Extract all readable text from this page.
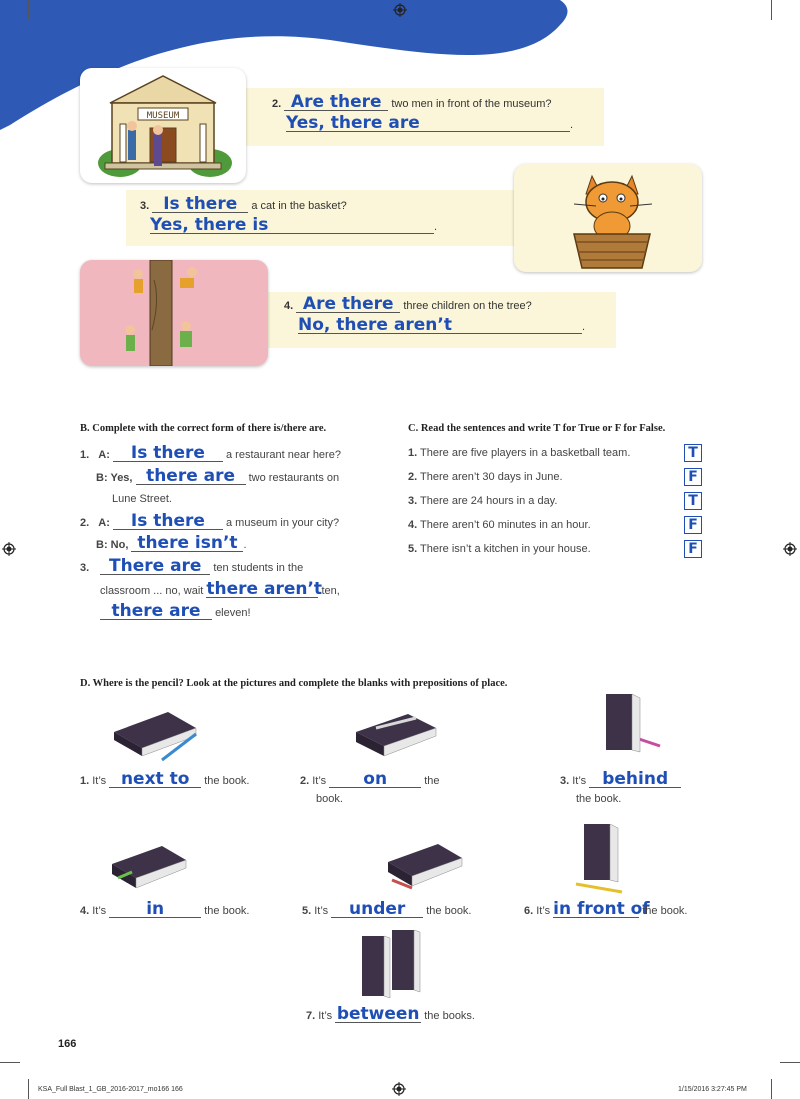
MUSEUM
2. Are there two men in front of the museum?
Yes, there are	.
3. Is there a cat in the basket?
Yes, there is	.
4. Are there three children on the tree?
No, there aren’t	.
B. Complete with the correct form of there is/there are.
1. A: Is there a restaurant near here?
B: Yes, there are two restaurants on
Lune Street.
2. A: Is there a museum in your city?
B: No, there isn’t .
3. There are ten students in the
classroom ... no, wait there aren’t ten,
there are eleven!
C. Read the sentences and write T for True or F for False.
1. There are five players in a basketball team.	T
2. There aren’t 30 days in June.	F
3. There are 24 hours in a day.	T
4. There aren’t 60 minutes in an hour.	F
5. There isn’t a kitchen in your house.	F
D. Where is the pencil? Look at the pictures and complete the blanks with prepositions of place.
1. It’s next to the book.	2. It’s on	the
book.
3. It’s behind
the book.
4. It’s in	the book.	5. It’s under the book.	6. It’s in front of the book.
7. It’s between the books.
166
KSA_Full Blast_1_GB_2016-2017_mo166 166	1/15/2016 3:27:45 PM
